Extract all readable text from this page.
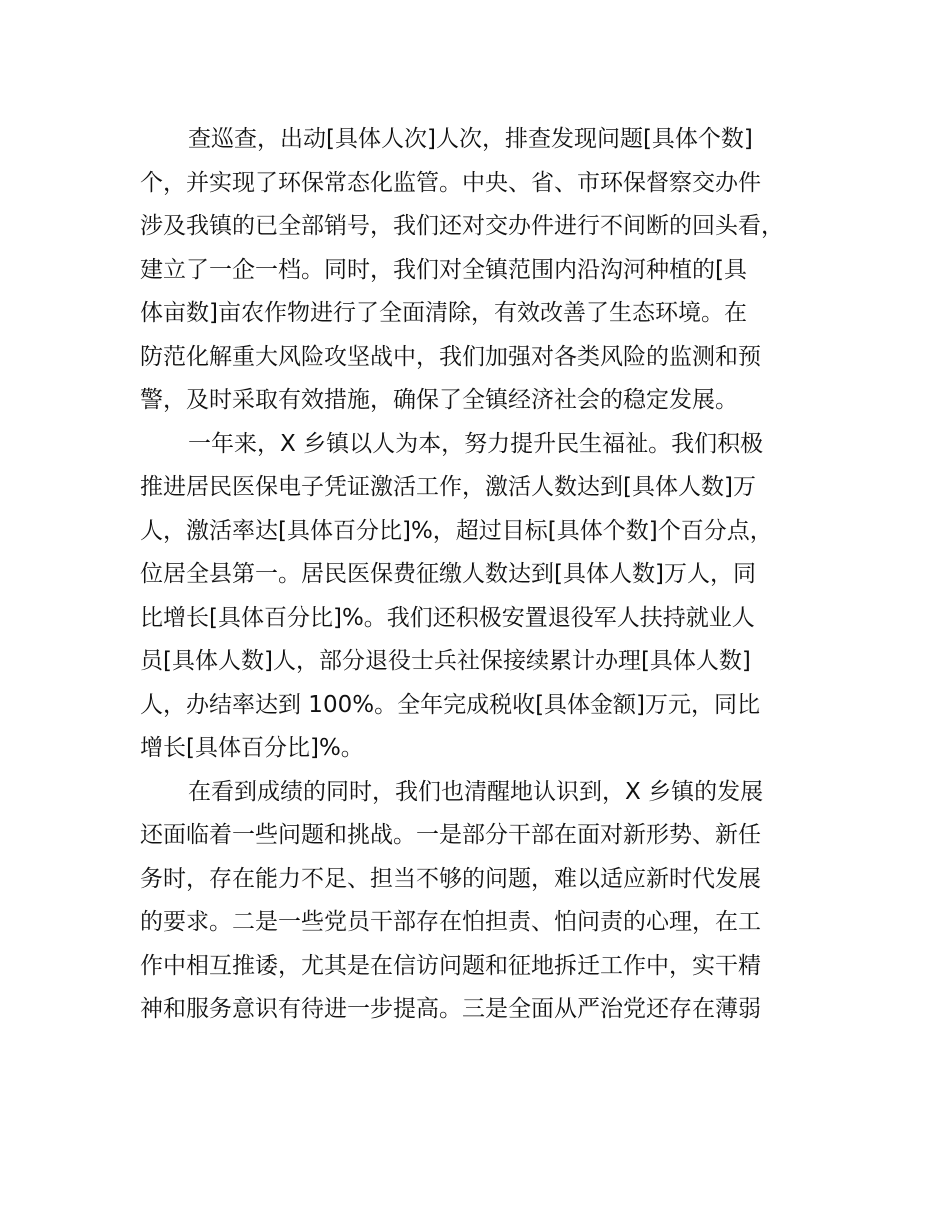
查巡查，出动[具体人次]人次，排查发现问题[具体个数]
个，并实现了环保常态化监管。中央、省、市环保督察交办件
涉及我镇的已全部销号，我们还对交办件进行不间断的回头看，
建立了一企一档。同时，我们对全镇范围内沿沟河种植的[具
体亩数]亩农作物进行了全面清除，有效改善了生态环境。在
防范化解重大风险攻坚战中，我们加强对各类风险的监测和预
警，及时采取有效措施，确保了全镇经济社会的稳定发展。
一年来，X 乡镇以人为本，努力提升民生福祉。我们积极
推进居民医保电子凭证激活工作，激活人数达到[具体人数]万
人，激活率达[具体百分比]%，超过目标[具体个数]个百分点，
位居全县第一。居民医保费征缴人数达到[具体人数]万人，同
比增长[具体百分比]%。我们还积极安置退役军人扶持就业人
员[具体人数]人，部分退役士兵社保接续累计办理[具体人数]
人，办结率达到 100%。全年完成税收[具体金额]万元，同比
增长[具体百分比]%。
在看到成绩的同时，我们也清醒地认识到，X 乡镇的发展
还面临着一些问题和挑战。一是部分干部在面对新形势、新任
务时，存在能力不足、担当不够的问题，难以适应新时代发展
的要求。二是一些党员干部存在怕担责、怕问责的心理，在工
作中相互推诿，尤其是在信访问题和征地拆迁工作中，实干精
神和服务意识有待进一步提高。三是全面从严治党还存在薄弱
